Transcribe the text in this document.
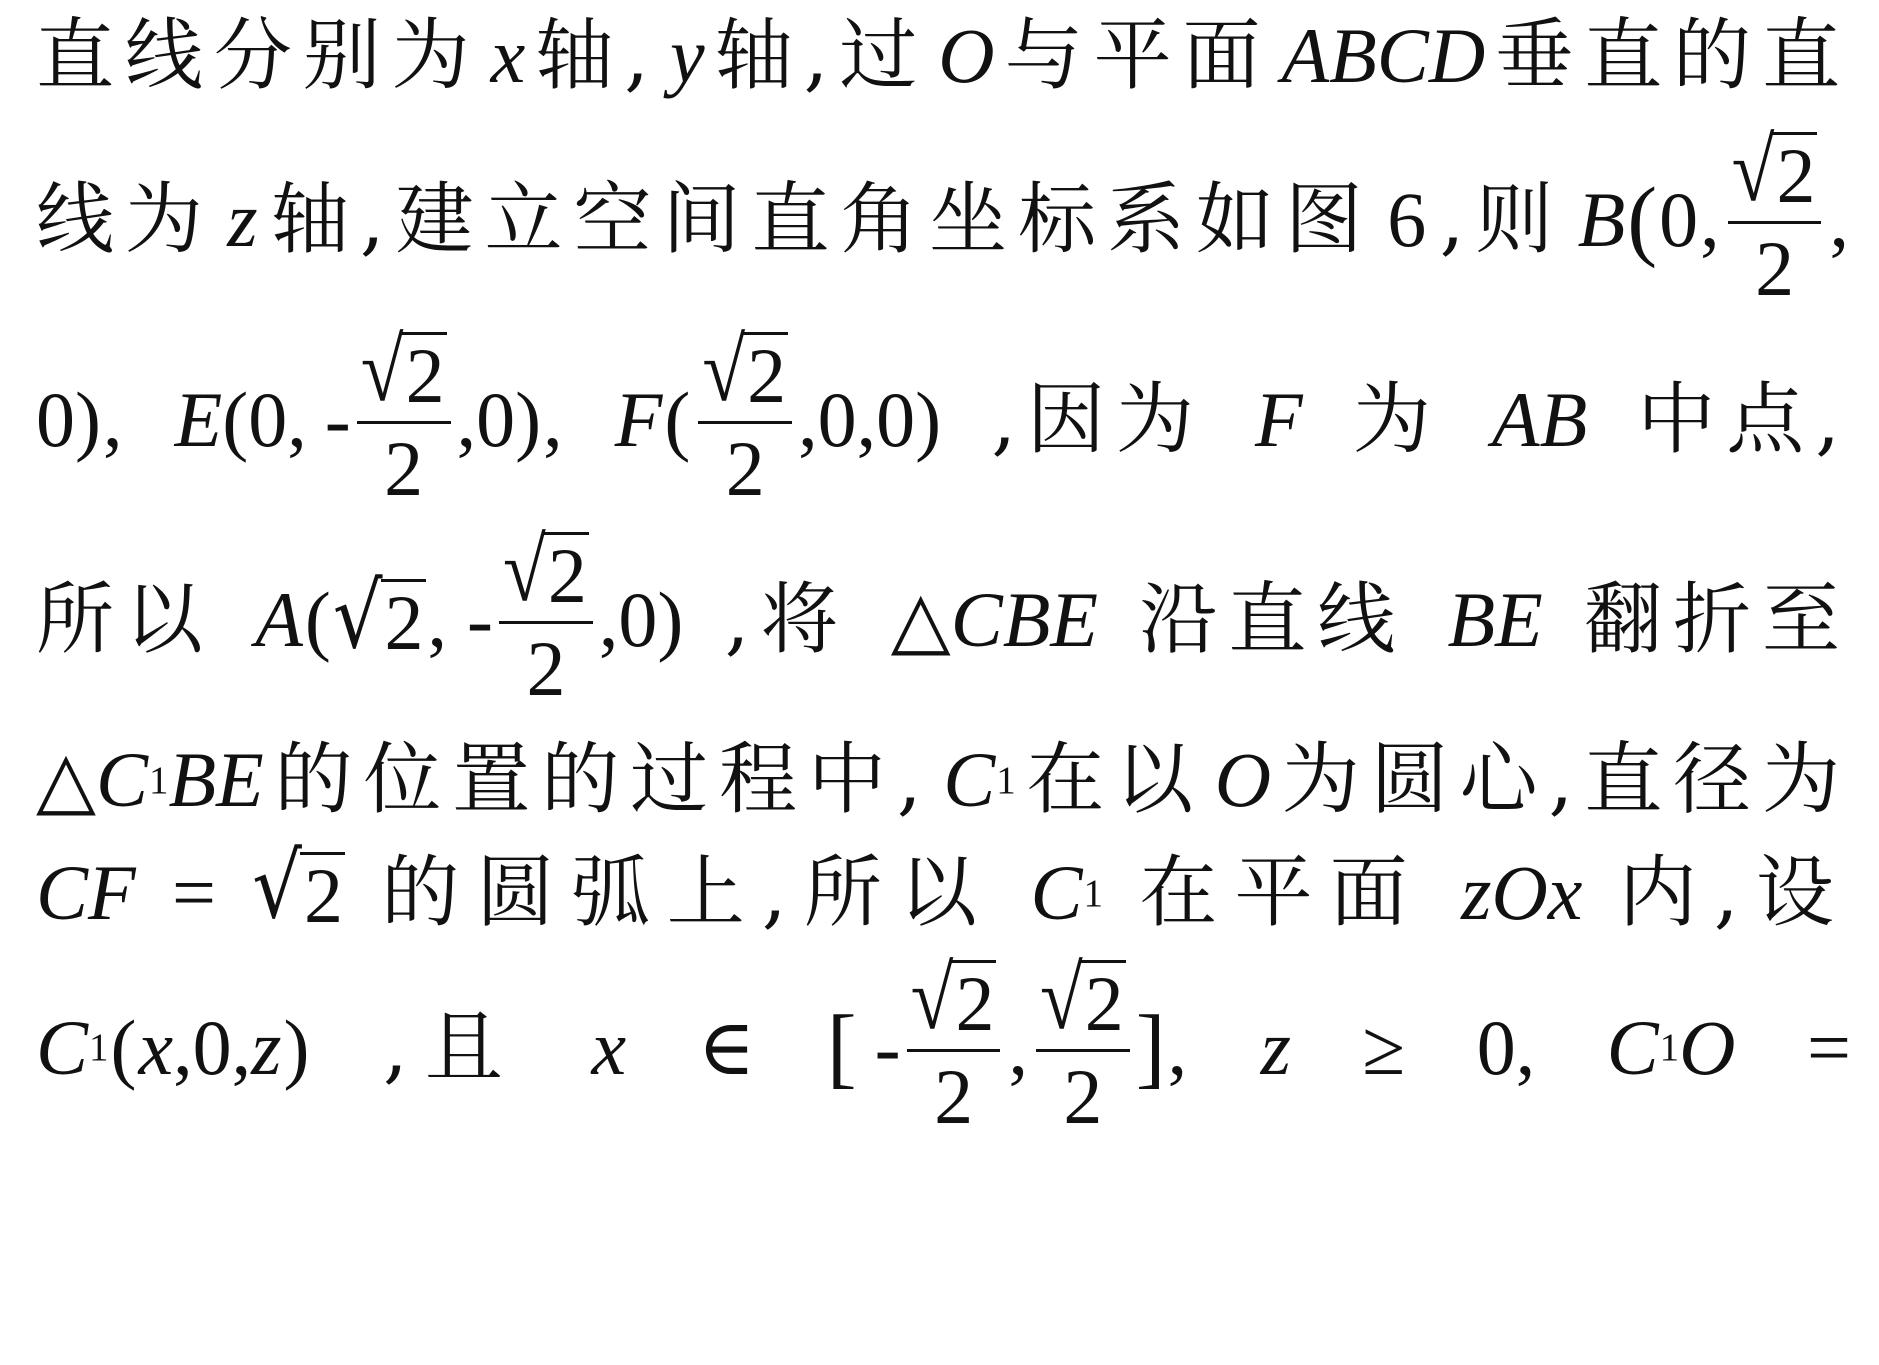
直线分别为 x 轴, y 轴,过 O 与平面 ABCD 垂直的直
线为 z 轴,建立空间直角坐标系如图 6 ,则 B ( 0 , $\frac{√ 2}{2}$ ,
0) , E (0, - $\frac{√ 2}{2} ,0$) , F ( $\frac{√ 2}{2} ,0,0$) ,因为 F 为 AB 中点,
所以 A ( √ 2 , - $\frac{√ 2}{2} ,0$) ,将 △ CBE 沿直线 BE 翻折至
△ C 1 BE 的位置的过程中, C 1 在以 O 为圆心,直径为
CF = √ 2 的圆弧上,所以 C 1 在平面 zOx 内,设
C 1 ( x ,0, z ) ,且 x ∈ [ - $\frac{√ 2}{2}$ , $\frac{√ 2}{2}$ ] , z ≥ 0, C 1 O =
